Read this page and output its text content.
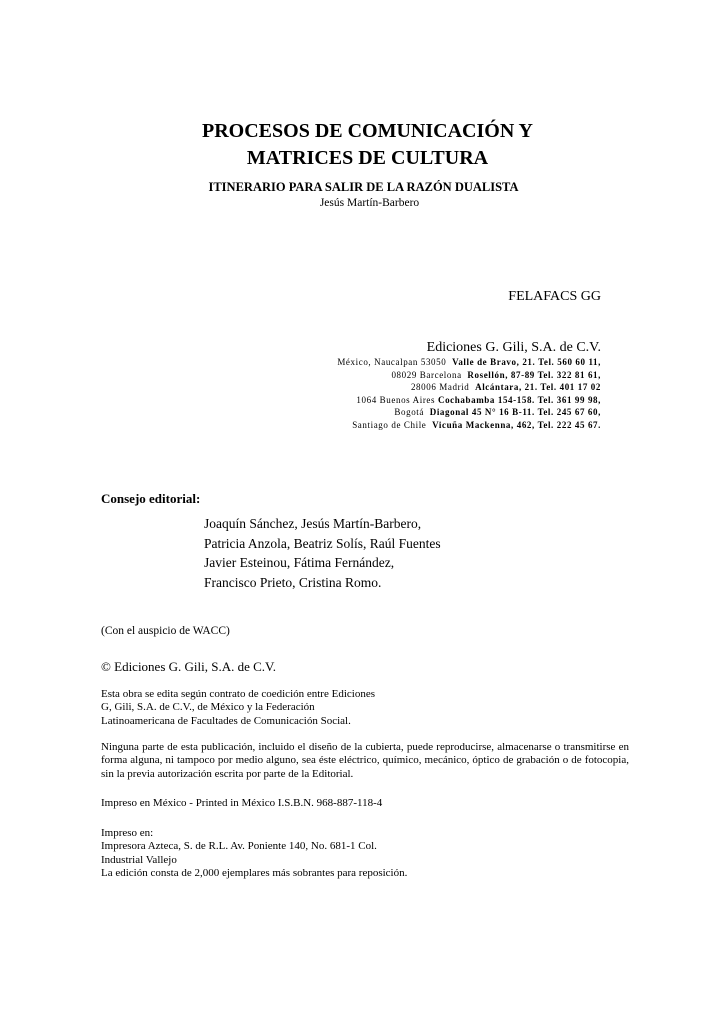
PROCESOS DE COMUNICACIÓN Y
MATRICES DE CULTURA

ITINERARIO PARA SALIR DE LA RAZÓN DUALISTA

Jesús Martín-Barbero

FELAFACS GG

Ediciones G. Gili, S.A. de C.V.

México, Naucalpan 53050 Valle de Bravo, 21. Tel. 560 60 11,
08029 Barcelona Rosellón, 87-89 Tel. 322 81 61,
28006 Madrid Alcántara, 21. Tel. 401 17 02
1064 Buenos Aires Cochabamba 154-158. Tel. 361 99 98,
Bogotá Diagonal 45 N° 16 B-11. Tel. 245 67 60,
Santiago de Chile Vicuña Mackenna, 462, Tel. 222 45 67.

Consejo editorial:

Joaquín Sánchez, Jesús Martín-Barbero,
Patricia Anzola, Beatriz Solís, Raúl Fuentes
Javier Esteinou, Fátima Fernández,
Francisco Prieto, Cristina Romo.

(Con el auspicio de WACC)

© Ediciones G. Gili, S.A. de C.V.

Esta obra se edita según contrato de coedición entre Ediciones
G, Gili, S.A. de C.V., de México y la Federación
Latinoamericana de Facultades de Comunicación Social.

Ninguna parte de esta publicación, incluido el diseño de la cubierta, puede reproducirse, almacenarse o transmitirse en forma alguna, ni tampoco por medio alguno, sea éste eléctrico, químico, mecánico, óptico de grabación o de fotocopia, sin la previa autorización escrita por parte de la Editorial.

Impreso en México - Printed in México I.S.B.N. 968-887-118-4

Impreso en:
Impresora Azteca, S. de R.L. Av. Poniente 140, No. 681-1 Col.
Industrial Vallejo
La edición consta de 2,000 ejemplares más sobrantes para reposición.
